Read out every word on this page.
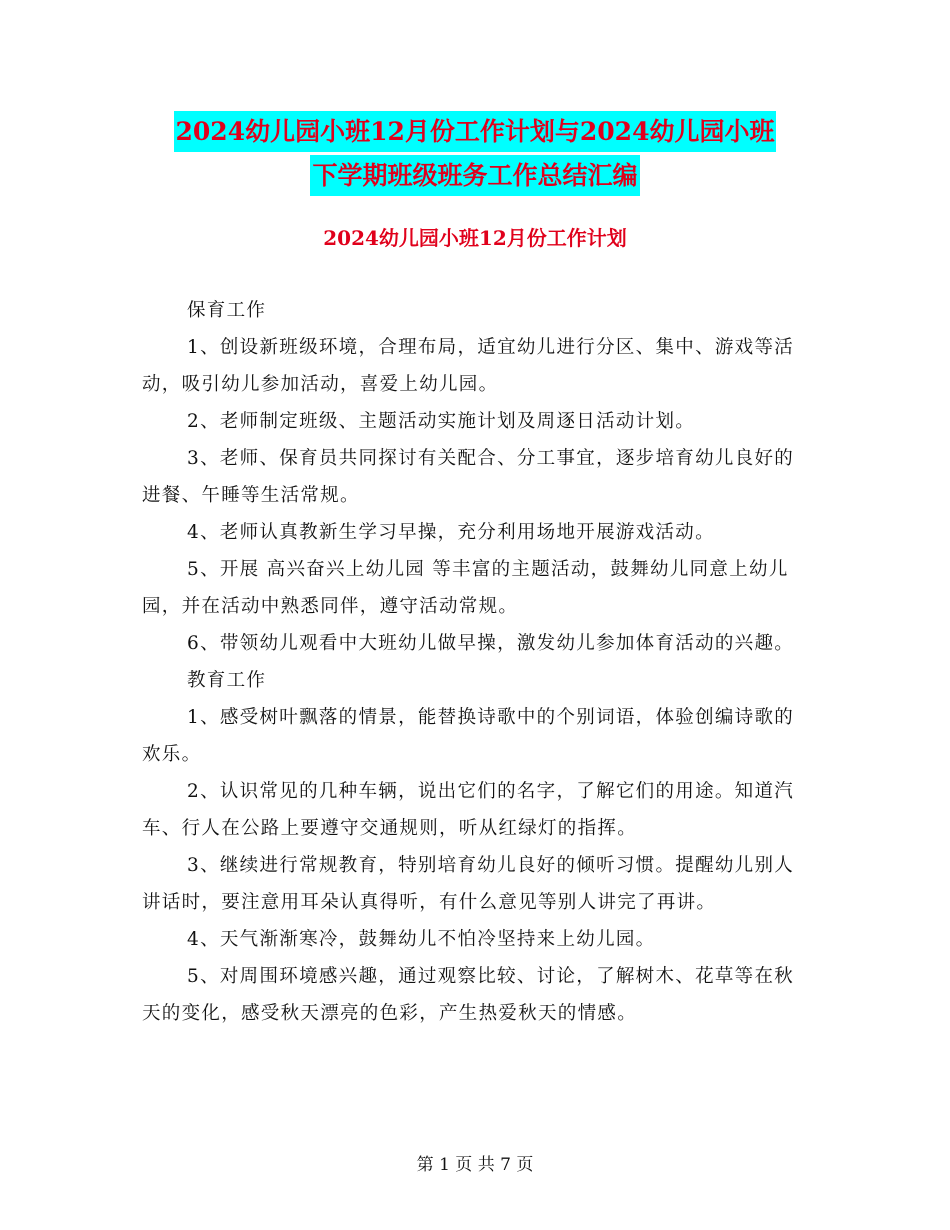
2024幼儿园小班12月份工作计划与2024幼儿园小班
下学期班级班务工作总结汇编
2024幼儿园小班12月份工作计划

保育工作

1、创设新班级环境，合理布局，适宜幼儿进行分区、集中、游戏等活动，吸引幼儿参加活动，喜爱上幼儿园。

2、老师制定班级、主题活动实施计划及周逐日活动计划。

3、老师、保育员共同探讨有关配合、分工事宜，逐步培育幼儿良好的进餐、午睡等生活常规。

4、老师认真教新生学习早操，充分利用场地开展游戏活动。

5、开展 高兴奋兴上幼儿园 等丰富的主题活动，鼓舞幼儿同意上幼儿园，并在活动中熟悉同伴，遵守活动常规。

6、带领幼儿观看中大班幼儿做早操，激发幼儿参加体育活动的兴趣。

教育工作

1、感受树叶飘落的情景，能替换诗歌中的个别词语，体验创编诗歌的欢乐。

2、认识常见的几种车辆，说出它们的名字，了解它们的用途。知道汽车、行人在公路上要遵守交通规则，听从红绿灯的指挥。

3、继续进行常规教育，特别培育幼儿良好的倾听习惯。提醒幼儿别人讲话时，要注意用耳朵认真得听，有什么意见等别人讲完了再讲。

4、天气渐渐寒冷，鼓舞幼儿不怕冷坚持来上幼儿园。

5、对周围环境感兴趣，通过观察比较、讨论，了解树木、花草等在秋天的变化，感受秋天漂亮的色彩，产生热爱秋天的情感。

第 1 页 共 7 页
